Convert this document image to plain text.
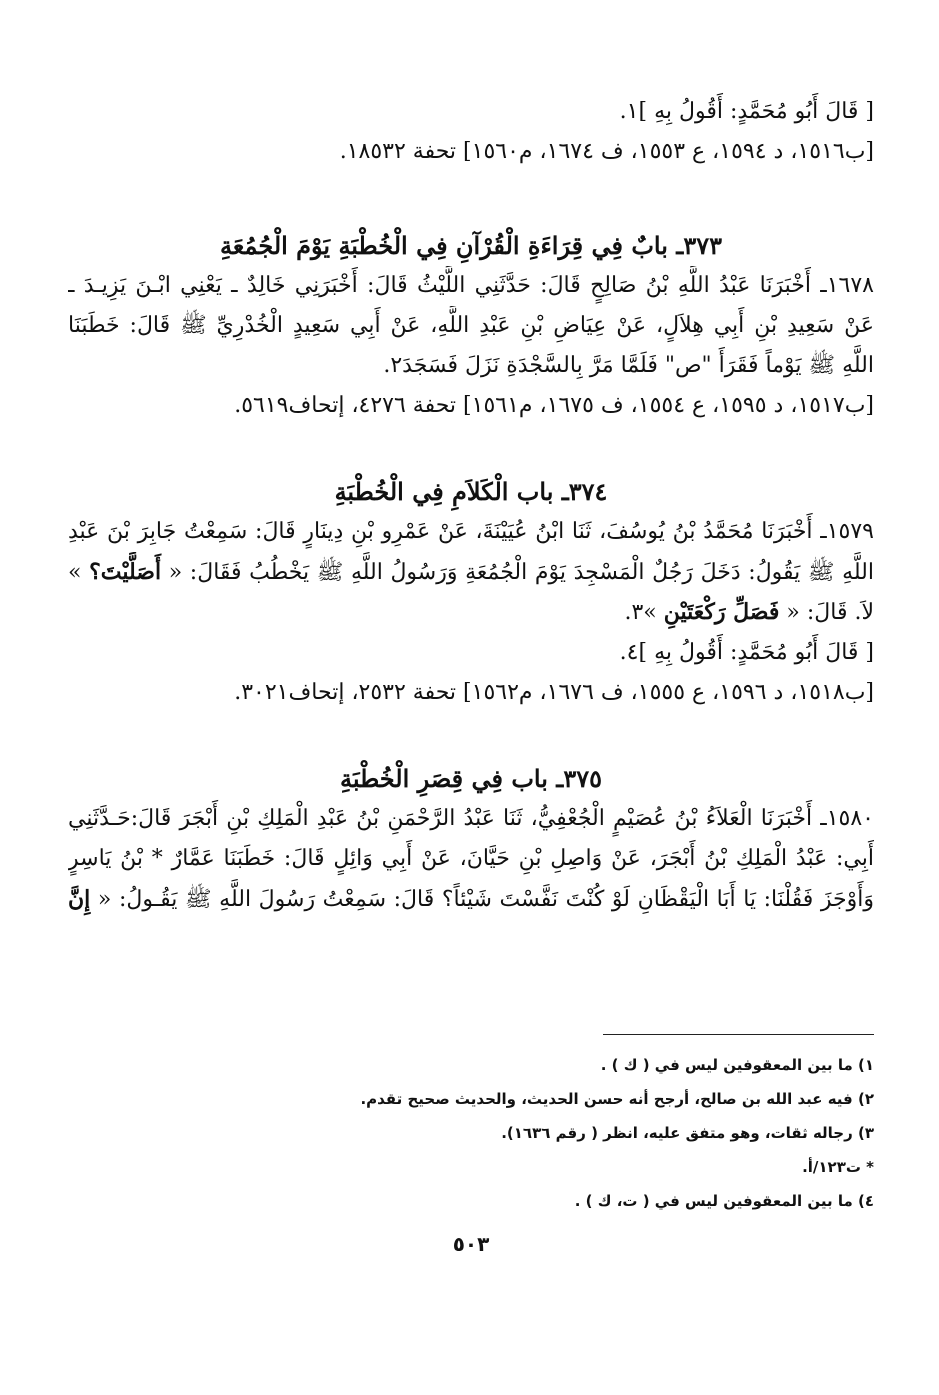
[ قَالَ أَبُو مُحَمَّدٍ: أَقُولُ بِهِ ]١.
[ب١٥١٦، د ١٥٩٤، ع ١٥٥٣، ف ١٦٧٤، م١٥٦٠] تحفة ١٨٥٣٢.
٣٧٣ـ بابٌ فِي قِرَاءَةِ الْقُرْآنِ فِي الْخُطْبَةِ يَوْمَ الْجُمُعَةِ
١٦٧٨ـ أَخْبَرَنَا عَبْدُ اللَّهِ بْنُ صَالِحٍ قَالَ: حَدَّثَنِي اللَّيْثُ قَالَ: أَخْبَرَنِي خَالِدٌ ـ يَعْنِي ابْـنَ يَزِيـدَ ـ
عَنْ سَعِيدِ بْنِ أَبِي هِلاَلٍ، عَنْ عِيَاضِ بْنِ عَبْدِ اللَّهِ، عَنْ أَبِي سَعِيدٍ الْخُدْرِيِّ ﷺ قَالَ: خَطَبَنَا
اللَّهِ ﷺ يَوْماً فَقَرَأَ "ص" فَلَمَّا مَرَّ بِالسَّجْدَةِ نَزَلَ فَسَجَدَ٢.
[ب١٥١٧، د ١٥٩٥، ع ١٥٥٤، ف ١٦٧٥، م١٥٦١] تحفة ٤٢٧٦، إتحاف٥٦١٩.
٣٧٤ـ باب الْكَلاَمِ فِي الْخُطْبَةِ
١٥٧٩ـ أَخْبَرَنَا مُحَمَّدُ بْنُ يُوسُفَ، ثَنَا ابْنُ عُيَيْنَةَ، عَنْ عَمْرِو بْنِ دِينَارٍ قَالَ: سَمِعْتُ جَابِرَ بْنَ عَبْدِ
اللَّهِ ﷺ يَقُولُ: دَخَلَ رَجُلٌ الْمَسْجِدَ يَوْمَ الْجُمُعَةِ وَرَسُولُ اللَّهِ ﷺ يَخْطُبُ فَقَالَ: « أَصَلَّيْتَ؟ »
لاَ. قَالَ: « فَصَلِّ رَكْعَتَيْنِ »٣.
[ قَالَ أَبُو مُحَمَّدٍ: أَقُولُ بِهِ ]٤.
[ب١٥١٨، د ١٥٩٦، ع ١٥٥٥، ف ١٦٧٦، م١٥٦٢] تحفة ٢٥٣٢، إتحاف٣٠٢١.
٣٧٥ـ باب فِي قِصَرِ الْخُطْبَةِ
١٥٨٠ـ أَخْبَرَنَا الْعَلاَءُ بْنُ عُصَيْمٍ الْجُعْفِيُّ، ثَنَا عَبْدُ الرَّحْمَنِ بْنُ عَبْدِ الْمَلِكِ بْنِ أَبْجَرَ قَالَ:حَـدَّثَنِي
أَبِي: عَبْدُ الْمَلِكِ بْنُ أَبْجَرَ، عَنْ وَاصِلِ بْنِ حَيَّانَ، عَنْ أَبِي وَائِلٍ قَالَ: خَطَبَنَا عَمَّارٌ * بْنُ يَاسِرٍ
وَأَوْجَزَ فَقُلْنَا: يَا أَبَا الْيَقْظَانِ لَوْ كُنْتَ نَفَّسْتَ شَيْئاً؟ قَالَ: سَمِعْتُ رَسُولَ اللَّهِ ﷺ يَقُـولُ: « إِنَّ
١) ما بين المعقوفين ليس في ( ك ) .
٢) فيه عبد الله بن صالح، أرجح أنه حسن الحديث، والحديث صحيح تقدم.
٣) رجاله ثقات، وهو متفق عليه، انظر ( رقم ١٦٣٦).
* ت١٢٣/أ.
٤) ما بين المعقوفين ليس في ( ت، ك ) .
٥٠٣
